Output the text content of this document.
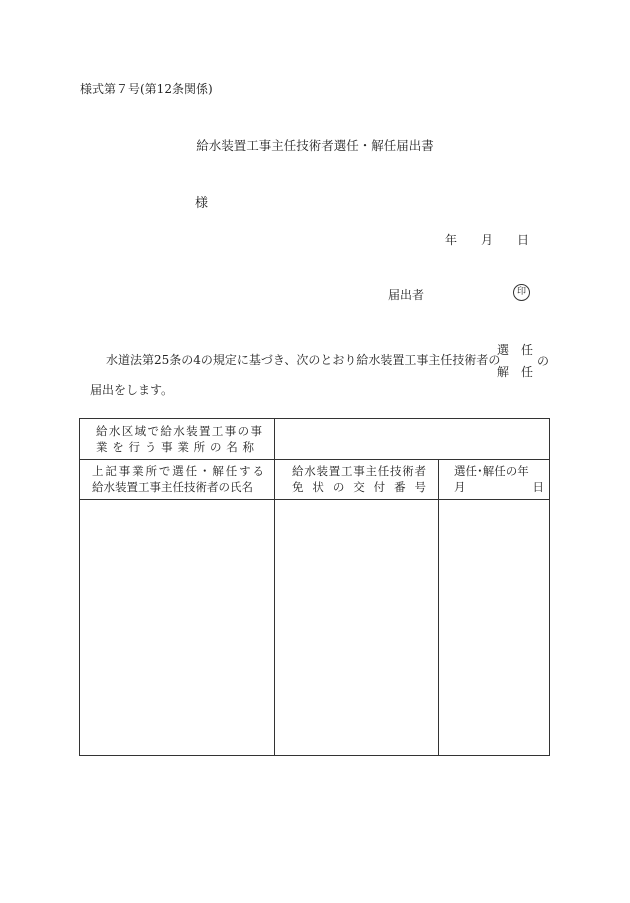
様式第７号(第12条関係)
給水装置工事主任技術者選任・解任届出書
様
年 月 日
届出者	印
水道法第25条の4の規定に基づき、次のとおり給水装置工事主任技術者の
選　任
解　任
の
届出をします。
給水区域で給水装置工事の事
業を行う事業所の名称
上記事業所で選任・解任する
給水装置工事主任技術者の氏名
給水装置工事主任技術者
免状の交付番号
選任･解任の年
月	日
